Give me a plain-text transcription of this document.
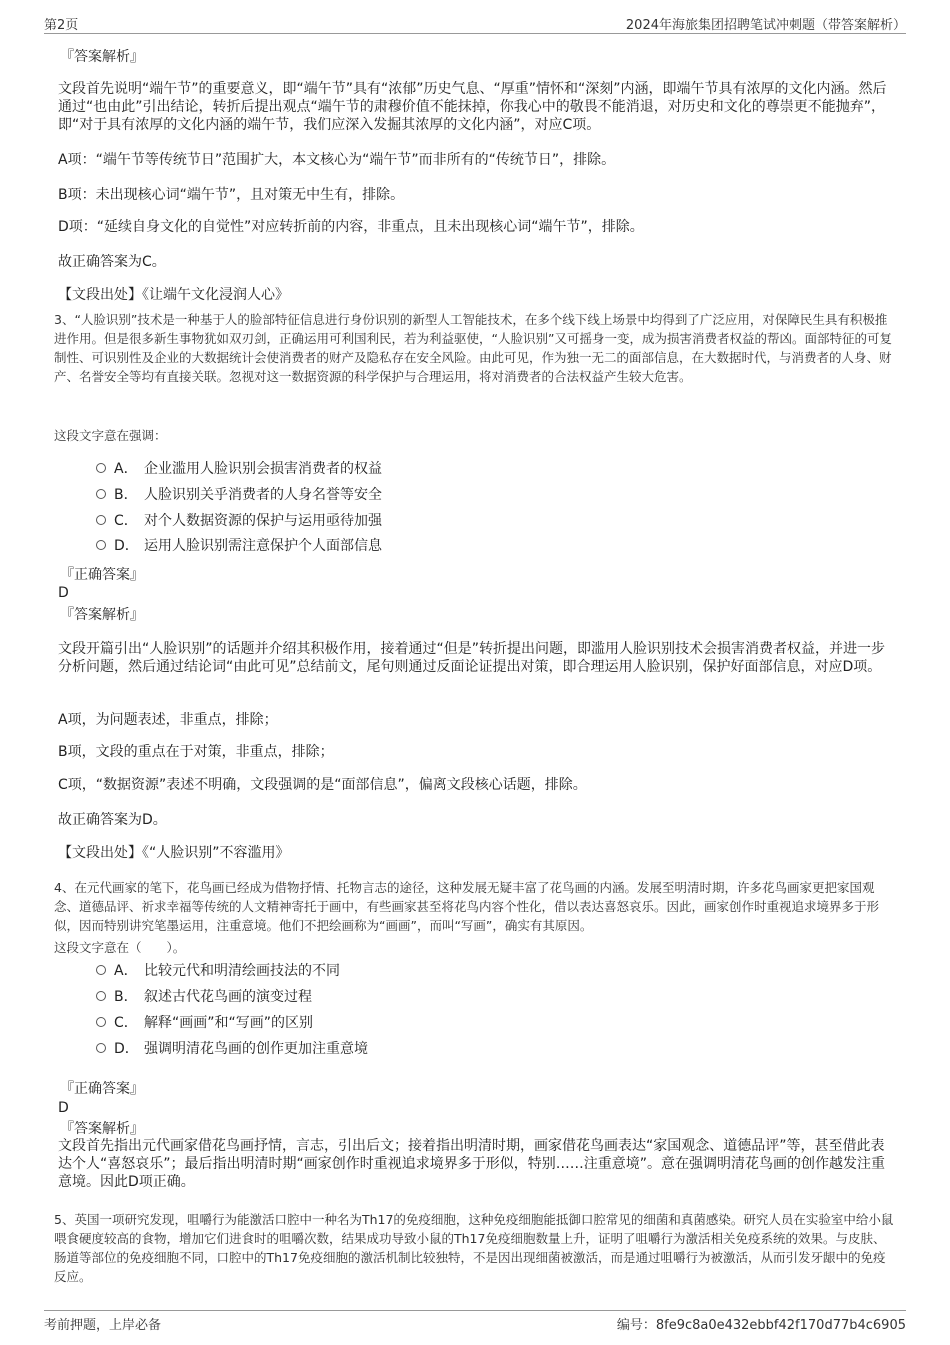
第2页	2024年海旅集团招聘笔试冲刺题（带答案解析）
『答案解析』
文段首先说明“端午节”的重要意义，即“端午节”具有“浓郁”历史气息、“厚重”情怀和“深刻”内涵，即端午节具有浓厚的文化内涵。然后通过“也由此”引出结论，转折后提出观点“端午节的肃穆价值不能抹掉，你我心中的敬畏不能消退，对历史和文化的尊崇更不能抛弃”，即“对于具有浓厚的文化内涵的端午节，我们应深入发掘其浓厚的文化内涵”，对应C项。
A项：“端午节等传统节日”范围扩大，本文核心为“端午节”而非所有的“传统节日”，排除。
B项：未出现核心词“端午节”，且对策无中生有，排除。
D项：“延续自身文化的自觉性”对应转折前的内容，非重点，且未出现核心词“端午节”，排除。
故正确答案为C。
【文段出处】《让端午文化浸润人心》
3、“人脸识别”技术是一种基于人的脸部特征信息进行身份识别的新型人工智能技术，在多个线下线上场景中均得到了广泛应用，对保障民生具有积极推进作用。但是很多新生事物犹如双刃剑，正确运用可利国利民，若为利益驱使，“人脸识别”又可摇身一变，成为损害消费者权益的帮凶。面部特征的可复制性、可识别性及企业的大数据统计会使消费者的财产及隐私存在安全风险。由此可见，作为独一无二的面部信息，在大数据时代，与消费者的人身、财产、名誉安全等均有直接关联。忽视对这一数据资源的科学保护与合理运用，将对消费者的合法权益产生较大危害。
这段文字意在强调：
A． 企业滥用人脸识别会损害消费者的权益
B． 人脸识别关乎消费者的人身名誉等安全
C． 对个人数据资源的保护与运用亟待加强
D． 运用人脸识别需注意保护个人面部信息
『正确答案』
D
『答案解析』
文段开篇引出“人脸识别”的话题并介绍其积极作用，接着通过“但是”转折提出问题，即滥用人脸识别技术会损害消费者权益，并进一步分析问题，然后通过结论词“由此可见”总结前文，尾句则通过反面论证提出对策，即合理运用人脸识别，保护好面部信息，对应D项。
A项，为问题表述，非重点，排除；
B项，文段的重点在于对策，非重点，排除；
C项，“数据资源”表述不明确，文段强调的是“面部信息”，偏离文段核心话题，排除。
故正确答案为D。
【文段出处】《“人脸识别”不容滥用》
4、在元代画家的笔下，花鸟画已经成为借物抒情、托物言志的途径，这种发展无疑丰富了花鸟画的内涵。发展至明清时期，许多花鸟画家更把家国观念、道德品评、祈求幸福等传统的人文精神寄托于画中，有些画家甚至将花鸟内容个性化，借以表达喜怒哀乐。因此，画家创作时重视追求境界多于形似，因而特别讲究笔墨运用，注重意境。他们不把绘画称为“画画”，而叫“写画”，确实有其原因。
这段文字意在（　　）。
A． 比较元代和明清绘画技法的不同
B． 叙述古代花鸟画的演变过程
C． 解释“画画”和“写画”的区别
D． 强调明清花鸟画的创作更加注重意境
『正确答案』
D
『答案解析』
文段首先指出元代画家借花鸟画抒情，言志，引出后文；接着指出明清时期，画家借花鸟画表达“家国观念、道德品评”等，甚至借此表达个人“喜怒哀乐”；最后指出明清时期“画家创作时重视追求境界多于形似，特别……注重意境”。意在强调明清花鸟画的创作越发注重意境。因此D项正确。
5、英国一项研究发现，咀嚼行为能激活口腔中一种名为Th17的免疫细胞，这种免疫细胞能抵御口腔常见的细菌和真菌感染。研究人员在实验室中给小鼠喂食硬度较高的食物，增加它们进食时的咀嚼次数，结果成功导致小鼠的Th17免疫细胞数量上升，证明了咀嚼行为激活相关免疫系统的效果。与皮肤、肠道等部位的免疫细胞不同，口腔中的Th17免疫细胞的激活机制比较独特，不是因出现细菌被激活，而是通过咀嚼行为被激活，从而引发牙龈中的免疫反应。
考前押题，上岸必备	编号：8fe9c8a0e432ebbf42f170d77b4c6905
